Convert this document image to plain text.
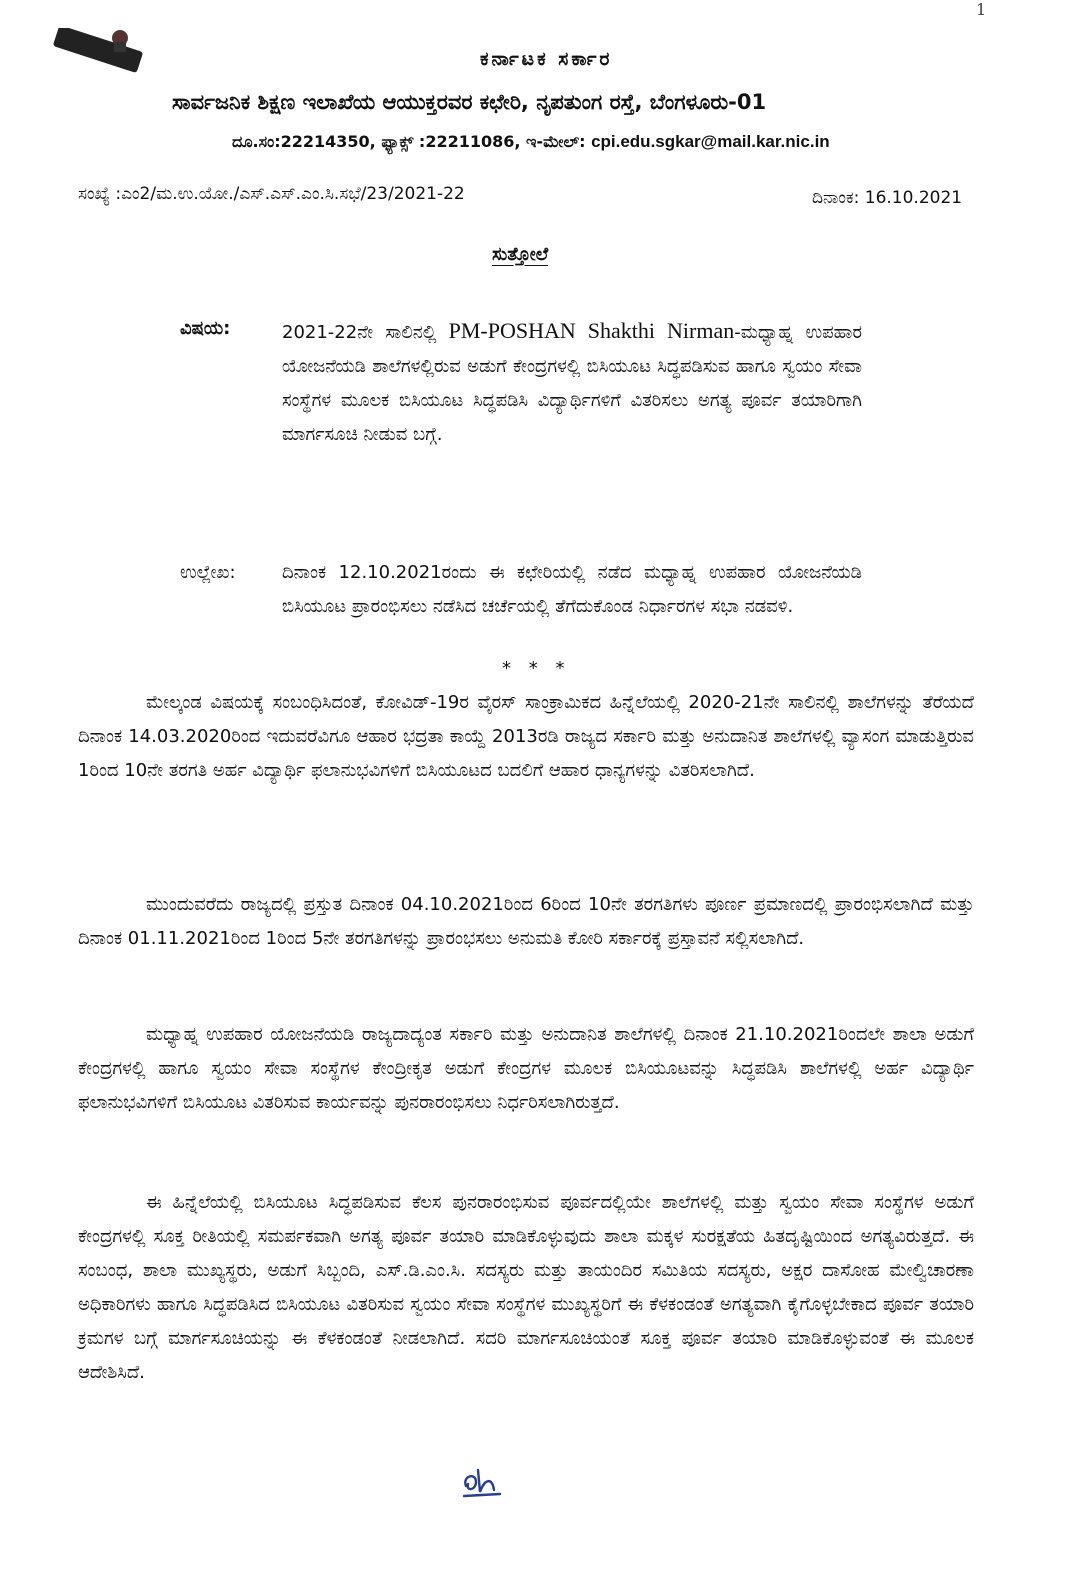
1
ಕರ್ನಾಟಕ ಸರ್ಕಾರ
ಸಾರ್ವಜನಿಕ ಶಿಕ್ಷಣ ಇಲಾಖೆಯ ಆಯುಕ್ತರವರ ಕಛೇರಿ, ನೃಪತುಂಗ ರಸ್ತೆ, ಬೆಂಗಳೂರು-01
ದೂ.ಸಂ:22214350, ಫ್ಯಾಕ್ಸ್ :22211086, ಇ-ಮೇಲ್: cpi.edu.sgkar@mail.kar.nic.in
ಸಂಖ್ಯೆ :ಎಂ2/ಮ.ಉ.ಯೋ./ಎಸ್.ಎಸ್.ಎಂ.ಸಿ.ಸಭೆ/23/2021-22	ದಿನಾಂಕ: 16.10.2021
ಸುತ್ತೋಲೆ
ವಿಷಯ:	2021-22ನೇ ಸಾಲಿನಲ್ಲಿ PM-POSHAN Shakthi Nirman-ಮಧ್ಯಾಹ್ನ ಉಪಹಾರ ಯೋಜನೆಯಡಿ ಶಾಲೆಗಳಲ್ಲಿರುವ ಅಡುಗೆ ಕೇಂದ್ರಗಳಲ್ಲಿ ಬಿಸಿಯೂಟ ಸಿದ್ಧಪಡಿಸುವ ಹಾಗೂ ಸ್ವಯಂ ಸೇವಾ ಸಂಸ್ಥೆಗಳ ಮೂಲಕ ಬಿಸಿಯೂಟ ಸಿದ್ಧಪಡಿಸಿ ವಿದ್ಯಾರ್ಥಿಗಳಿಗೆ ವಿತರಿಸಲು ಅಗತ್ಯ ಪೂರ್ವ ತಯಾರಿಗಾಗಿ ಮಾರ್ಗಸೂಚಿ ನೀಡುವ ಬಗ್ಗೆ.
ಉಲ್ಲೇಖ:	ದಿನಾಂಕ 12.10.2021ರಂದು ಈ ಕಛೇರಿಯಲ್ಲಿ ನಡೆದ ಮಧ್ಯಾಹ್ನ ಉಪಹಾರ ಯೋಜನೆಯಡಿ ಬಿಸಿಯೂಟ ಪ್ರಾರಂಭಿಸಲು ನಡೆಸಿದ ಚರ್ಚೆಯಲ್ಲಿ ತೆಗೆದುಕೊಂಡ ನಿರ್ಧಾರಗಳ ಸಭಾ ನಡವಳಿ.
* * *

ಮೇಲ್ಕಂಡ ವಿಷಯಕ್ಕೆ ಸಂಬಂಧಿಸಿದಂತೆ, ಕೋವಿಡ್-19ರ ವೈರಸ್ ಸಾಂಕ್ರಾಮಿಕದ ಹಿನ್ನೆಲೆಯಲ್ಲಿ 2020-21ನೇ ಸಾಲಿನಲ್ಲಿ ಶಾಲೆಗಳನ್ನು ತೆರೆಯದೆ ದಿನಾಂಕ 14.03.2020ರಿಂದ ಇದುವರೆವಿಗೂ ಆಹಾರ ಭದ್ರತಾ ಕಾಯ್ದೆ 2013ರಡಿ ರಾಜ್ಯದ ಸರ್ಕಾರಿ ಮತ್ತು ಅನುದಾನಿತ ಶಾಲೆಗಳಲ್ಲಿ ವ್ಯಾಸಂಗ ಮಾಡುತ್ತಿರುವ 1ರಿಂದ 10ನೇ ತರಗತಿ ಅರ್ಹ ವಿದ್ಯಾರ್ಥಿ ಫಲಾನುಭವಿಗಳಿಗೆ ಬಿಸಿಯೂಟದ ಬದಲಿಗೆ ಆಹಾರ ಧಾನ್ಯಗಳನ್ನು ವಿತರಿಸಲಾಗಿದೆ.

ಮುಂದುವರೆದು ರಾಜ್ಯದಲ್ಲಿ ಪ್ರಸ್ತುತ ದಿನಾಂಕ 04.10.2021ರಿಂದ 6ರಿಂದ 10ನೇ ತರಗತಿಗಳು ಪೂರ್ಣ ಪ್ರಮಾಣದಲ್ಲಿ ಪ್ರಾರಂಭಿಸಲಾಗಿದೆ ಮತ್ತು ದಿನಾಂಕ 01.11.2021ರಿಂದ 1ರಿಂದ 5ನೇ ತರಗತಿಗಳನ್ನು ಪ್ರಾರಂಭಸಲು ಅನುಮತಿ ಕೋರಿ ಸರ್ಕಾರಕ್ಕೆ ಪ್ರಸ್ತಾವನೆ ಸಲ್ಲಿಸಲಾಗಿದೆ.

ಮಧ್ಯಾಹ್ನ ಉಪಹಾರ ಯೋಜನೆಯಡಿ ರಾಜ್ಯದಾದ್ಯಂತ ಸರ್ಕಾರಿ ಮತ್ತು ಅನುದಾನಿತ ಶಾಲೆಗಳಲ್ಲಿ ದಿನಾಂಕ 21.10.2021ರಿಂದಲೇ ಶಾಲಾ ಅಡುಗೆ ಕೇಂದ್ರಗಳಲ್ಲಿ ಹಾಗೂ ಸ್ವಯಂ ಸೇವಾ ಸಂಸ್ಥೆಗಳ ಕೇಂದ್ರೀಕೃತ ಅಡುಗೆ ಕೇಂದ್ರಗಳ ಮೂಲಕ ಬಿಸಿಯೂಟವನ್ನು ಸಿದ್ಧಪಡಿಸಿ ಶಾಲೆಗಳಲ್ಲಿ ಅರ್ಹ ವಿದ್ಯಾರ್ಥಿ ಫಲಾನುಭವಿಗಳಿಗೆ ಬಿಸಿಯೂಟ ವಿತರಿಸುವ ಕಾರ್ಯವನ್ನು ಪುನರಾರಂಭಿಸಲು ನಿರ್ಧರಿಸಲಾಗಿರುತ್ತದೆ.

ಈ ಹಿನ್ನೆಲೆಯಲ್ಲಿ ಬಿಸಿಯೂಟ ಸಿದ್ಧಪಡಿಸುವ ಕೆಲಸ ಪುನರಾರಂಭಿಸುವ ಪೂರ್ವದಲ್ಲಿಯೇ ಶಾಲೆಗಳಲ್ಲಿ ಮತ್ತು ಸ್ವಯಂ ಸೇವಾ ಸಂಸ್ಥೆಗಳ ಅಡುಗೆ ಕೇಂದ್ರಗಳಲ್ಲಿ ಸೂಕ್ತ ರೀತಿಯಲ್ಲಿ ಸಮರ್ಪಕವಾಗಿ ಅಗತ್ಯ ಪೂರ್ವ ತಯಾರಿ ಮಾಡಿಕೊಳ್ಳುವುದು ಶಾಲಾ ಮಕ್ಕಳ ಸುರಕ್ಷತೆಯ ಹಿತದೃಷ್ಟಿಯಿಂದ ಅಗತ್ಯವಿರುತ್ತದೆ. ಈ ಸಂಬಂಧ, ಶಾಲಾ ಮುಖ್ಯಸ್ಥರು, ಅಡುಗೆ ಸಿಬ್ಬಂದಿ, ಎಸ್.ಡಿ.ಎಂ.ಸಿ. ಸದಸ್ಯರು ಮತ್ತು ತಾಯಂದಿರ ಸಮಿತಿಯ ಸದಸ್ಯರು, ಅಕ್ಷರ ದಾಸೋಹ ಮೇಲ್ವಿಚಾರಣಾ ಅಧಿಕಾರಿಗಳು ಹಾಗೂ ಸಿದ್ಧಪಡಿಸಿದ ಬಿಸಿಯೂಟ ವಿತರಿಸುವ ಸ್ವಯಂ ಸೇವಾ ಸಂಸ್ಥೆಗಳ ಮುಖ್ಯಸ್ಥರಿಗೆ ಈ ಕೆಳಕಂಡಂತೆ ಅಗತ್ಯವಾಗಿ ಕೈಗೊಳ್ಳಬೇಕಾದ ಪೂರ್ವ ತಯಾರಿ ಕ್ರಮಗಳ ಬಗ್ಗೆ ಮಾರ್ಗಸೂಚಿಯನ್ನು ಈ ಕೆಳಕಂಡಂತೆ ನೀಡಲಾಗಿದೆ. ಸದರಿ ಮಾರ್ಗಸೂಚಿಯಂತೆ ಸೂಕ್ತ ಪೂರ್ವ ತಯಾರಿ ಮಾಡಿಕೊಳ್ಳುವಂತೆ ಈ ಮೂಲಕ ಆದೇಶಿಸಿದೆ.
